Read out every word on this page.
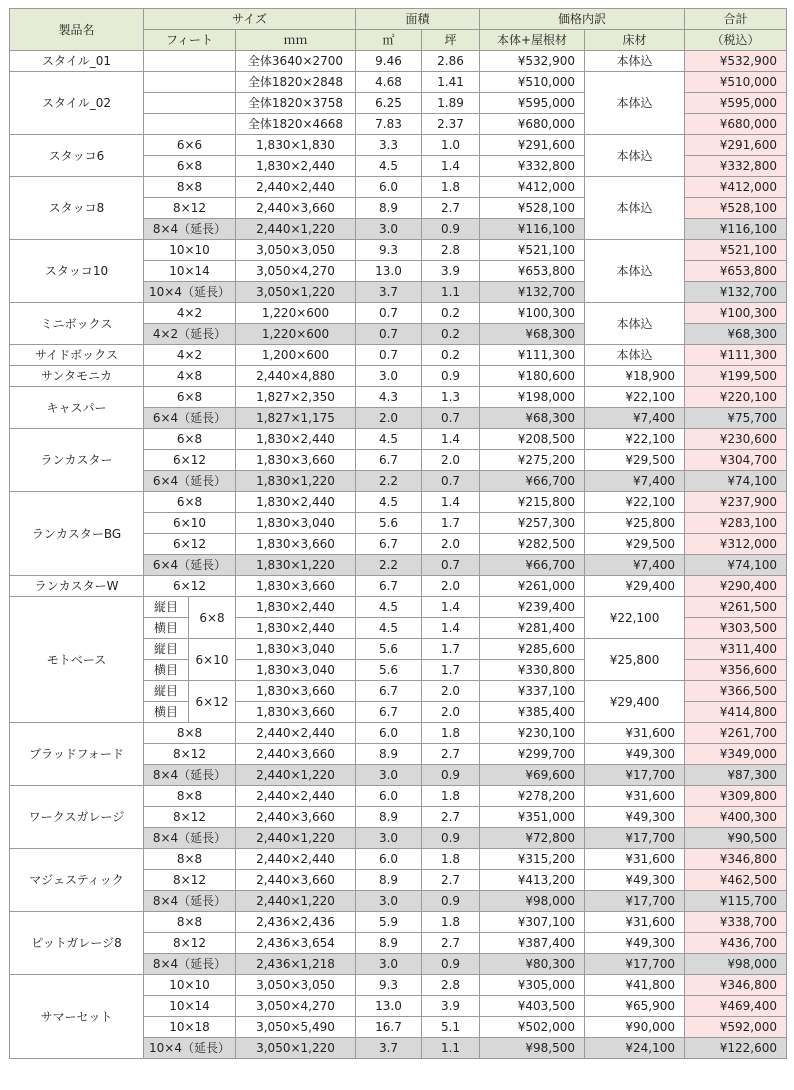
製品名	サイズ			面積		価格内訳		合計
	フィート		ｍｍ	㎡	坪	本体+屋根材	床材	（税込）
スタイル_01			全体3640×2700	9.46	2.86	¥532,900	本体込	¥532,900
スタイル_02			全体1820×2848	4.68	1.41	¥510,000	本体込	¥510,000
			全体1820×3758	6.25	1.89	¥595,000		¥595,000
			全体1820×4668	7.83	2.37	¥680,000		¥680,000
スタッコ6	6×6		1,830×1,830	3.3	1.0	¥291,600	本体込	¥291,600
	6×8		1,830×2,440	4.5	1.4	¥332,800		¥332,800
スタッコ8	8×8		2,440×2,440	6.0	1.8	¥412,000	本体込	¥412,000
	8×12		2,440×3,660	8.9	2.7	¥528,100		¥528,100
	8×4（延長）		2,440×1,220	3.0	0.9	¥116,100		¥116,100
スタッコ10	10×10		3,050×3,050	9.3	2.8	¥521,100	本体込	¥521,100
	10×14		3,050×4,270	13.0	3.9	¥653,800		¥653,800
	10×4（延長）		3,050×1,220	3.7	1.1	¥132,700		¥132,700
ミニボックス	4×2		1,220×600	0.7	0.2	¥100,300	本体込	¥100,300
	4×2（延長）		1,220×600	0.7	0.2	¥68,300		¥68,300
サイドボックス	4×2		1,200×600	0.7	0.2	¥111,300	本体込	¥111,300
サンタモニカ	4×8		2,440×4,880	3.0	0.9	¥180,600	¥18,900	¥199,500
キャスパー	6×8		1,827×2,350	4.3	1.3	¥198,000	¥22,100	¥220,100
	6×4（延長）		1,827×1,175	2.0	0.7	¥68,300	¥7,400	¥75,700
ランカスター	6×8		1,830×2,440	4.5	1.4	¥208,500	¥22,100	¥230,600
	6×12		1,830×3,660	6.7	2.0	¥275,200	¥29,500	¥304,700
	6×4（延長）		1,830×1,220	2.2	0.7	¥66,700	¥7,400	¥74,100
ランカスターBG	6×8		1,830×2,440	4.5	1.4	¥215,800	¥22,100	¥237,900
	6×10		1,830×3,040	5.6	1.7	¥257,300	¥25,800	¥283,100
	6×12		1,830×3,660	6.7	2.0	¥282,500	¥29,500	¥312,000
	6×4（延長）		1,830×1,220	2.2	0.7	¥66,700	¥7,400	¥74,100
ランカスターW	6×12		1,830×3,660	6.7	2.0	¥261,000	¥29,400	¥290,400
モトベース	縦目	6×8	1,830×2,440	4.5	1.4	¥239,400	¥22,100	¥261,500
	横目		1,830×2,440	4.5	1.4	¥281,400		¥303,500
	縦目	6×10	1,830×3,040	5.6	1.7	¥285,600	¥25,800	¥311,400
	横目		1,830×3,040	5.6	1.7	¥330,800		¥356,600
	縦目	6×12	1,830×3,660	6.7	2.0	¥337,100	¥29,400	¥366,500
	横目		1,830×3,660	6.7	2.0	¥385,400		¥414,800
ブラッドフォード	8×8		2,440×2,440	6.0	1.8	¥230,100	¥31,600	¥261,700
	8×12		2,440×3,660	8.9	2.7	¥299,700	¥49,300	¥349,000
	8×4（延長）		2,440×1,220	3.0	0.9	¥69,600	¥17,700	¥87,300
ワークスガレージ	8×8		2,440×2,440	6.0	1.8	¥278,200	¥31,600	¥309,800
	8×12		2,440×3,660	8.9	2.7	¥351,000	¥49,300	¥400,300
	8×4（延長）		2,440×1,220	3.0	0.9	¥72,800	¥17,700	¥90,500
マジェスティック	8×8		2,440×2,440	6.0	1.8	¥315,200	¥31,600	¥346,800
	8×12		2,440×3,660	8.9	2.7	¥413,200	¥49,300	¥462,500
	8×4（延長）		2,440×1,220	3.0	0.9	¥98,000	¥17,700	¥115,700
ピットガレージ8	8×8		2,436×2,436	5.9	1.8	¥307,100	¥31,600	¥338,700
	8×12		2,436×3,654	8.9	2.7	¥387,400	¥49,300	¥436,700
	8×4（延長）		2,436×1,218	3.0	0.9	¥80,300	¥17,700	¥98,000
サマーセット	10×10		3,050×3,050	9.3	2.8	¥305,000	¥41,800	¥346,800
	10×14		3,050×4,270	13.0	3.9	¥403,500	¥65,900	¥469,400
	10×18		3,050×5,490	16.7	5.1	¥502,000	¥90,000	¥592,000
	10×4（延長）		3,050×1,220	3.7	1.1	¥98,500	¥24,100	¥122,600
